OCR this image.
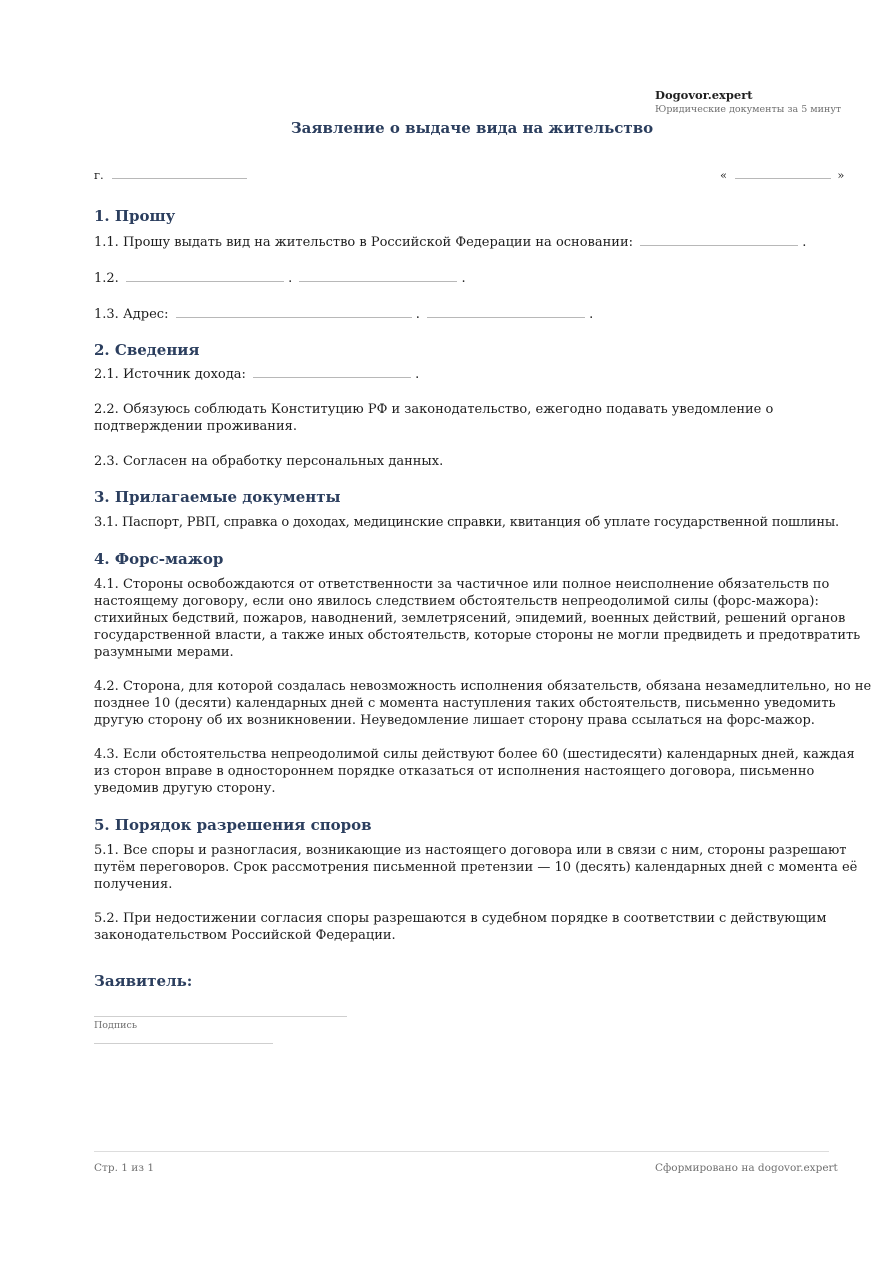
Dogovor.expert
Юридические документы за 5 минут
Заявление о выдаче вида на жительство
г.	«	»
1. Прошу

1.1. Прошу выдать вид на жительство в Российской Федерации на основании:	.

1.2.	.	.

1.3. Адрес:	.	.

2. Сведения

2.1. Источник дохода:	.

2.2. Обязуюсь соблюдать Конституцию РФ и законодательство, ежегодно подавать уведомление о подтверждении проживания.

2.3. Согласен на обработку персональных данных.

3. Прилагаемые документы

3.1. Паспорт, РВП, справка о доходах, медицинские справки, квитанция об уплате государственной пошлины.

4. Форс-мажор

4.1. Стороны освобождаются от ответственности за частичное или полное неисполнение обязательств по настоящему договору, если оно явилось следствием обстоятельств непреодолимой силы (форс-мажора): стихийных бедствий, пожаров, наводнений, землетрясений, эпидемий, военных действий, решений органов государственной власти, а также иных обстоятельств, которые стороны не могли предвидеть и предотвратить разумными мерами.

4.2. Сторона, для которой создалась невозможность исполнения обязательств, обязана незамедлительно, но не позднее 10 (десяти) календарных дней с момента наступления таких обстоятельств, письменно уведомить другую сторону об их возникновении. Неуведомление лишает сторону права ссылаться на форс-мажор.

4.3. Если обстоятельства непреодолимой силы действуют более 60 (шестидесяти) календарных дней, каждая из сторон вправе в одностороннем порядке отказаться от исполнения настоящего договора, письменно уведомив другую сторону.

5. Порядок разрешения споров

5.1. Все споры и разногласия, возникающие из настоящего договора или в связи с ним, стороны разрешают путём переговоров. Срок рассмотрения письменной претензии — 10 (десять) календарных дней с момента её получения.

5.2. При недостижении согласия споры разрешаются в судебном порядке в соответствии с действующим законодательством Российской Федерации.

Заявитель:
Подпись
Стр. 1 из 1	Сформировано на dogovor.expert
